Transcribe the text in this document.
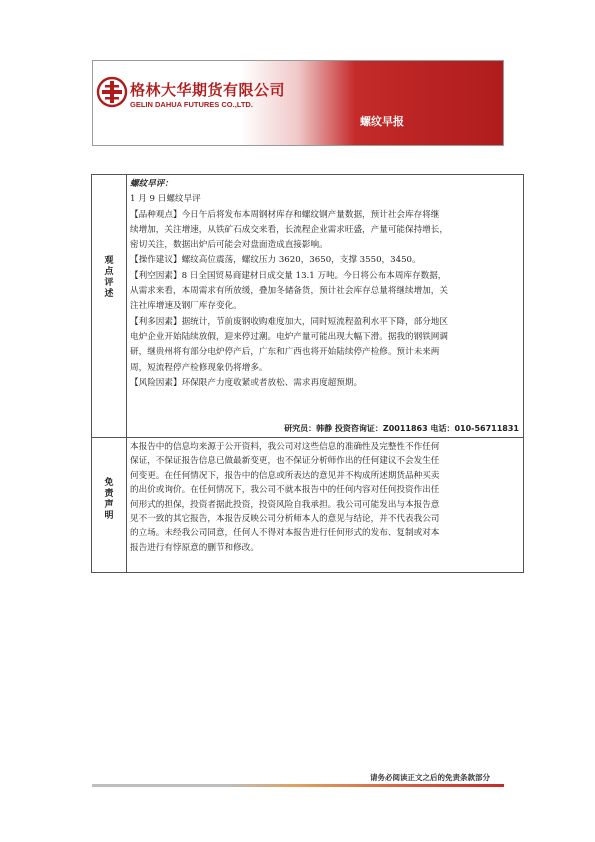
格林大华期货有限公司
GELIN DAHUA FUTURES CO.,LTD.
螺纹早报
观点评述

螺纹早评：

1 月 9 日螺纹早评

【品种观点】今日午后将发布本周钢材库存和螺纹钢产量数据，预计社会库存将继

续增加，关注增速，从铁矿石成交来看，长流程企业需求旺盛，产量可能保持增长，

密切关注，数据出炉后可能会对盘面造成直接影响。

【操作建议】螺纹高位震荡，螺纹压力 3620，3650，支撑 3550，3450。

【利空因素】8 日全国贸易商建材日成交量 13.1 万吨。今日将公布本周库存数据，

从需求来看，本周需求有所放缓，叠加冬储备货，预计社会库存总量将继续增加，关

注社库增速及钢厂库存变化。

【利多因素】据统计，节前废钢收购难度加大，同时短流程盈利水平下降，部分地区

电炉企业开始陆续放假，迎来停过潮。电炉产量可能出现大幅下滑。据我的钢铁网调

研，继贵州将有部分电炉停产后，广东和广西也将开始陆续停产检修。预计未来两

周，短流程停产检修现象仍将增多。

【风险因素】环保限产力度收紧或者放松、需求再度超预期。

研究员：韩静 投资咨询证：Z0011863 电话：010-56711831
免责声明

本报告中的信息均来源于公开资料，我公司对这些信息的准确性及完整性不作任何

保证，不保证报告信息已做最新变更，也不保证分析师作出的任何建议不会发生任

何变更。在任何情况下，报告中的信息或所表达的意见并不构成所述期货品种买卖

的出价或询价。在任何情况下，我公司不就本报告中的任何内容对任何投资作出任

何形式的担保，投资者据此投资，投资风险自我承担。我公司可能发出与本报告意

见不一致的其它报告，本报告反映公司分析师本人的意见与结论，并不代表我公司

的立场。未经我公司同意，任何人不得对本报告进行任何形式的发布、复制或对本

报告进行有悖原意的删节和修改。

请务必阅读正文之后的免责条款部分
